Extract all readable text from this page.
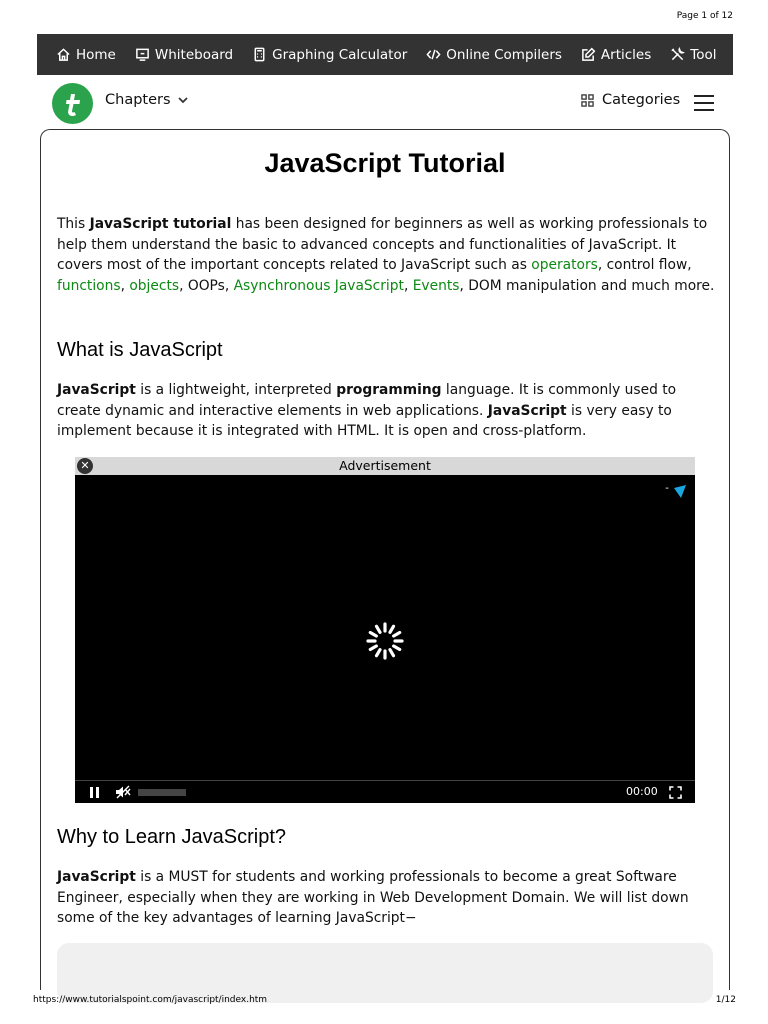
Page 1 of 12
Home	Whiteboard	Graphing Calculator	Online Compilers	Articles	Tool
Chapters	Categories
JavaScript Tutorial
This JavaScript tutorial has been designed for beginners as well as working professionals to help them understand the basic to advanced concepts and functionalities of JavaScript. It covers most of the important concepts related to JavaScript such as operators, control flow, functions, objects, OOPs, Asynchronous JavaScript, Events, DOM manipulation and much more.
What is JavaScript
JavaScript is a lightweight, interpreted programming language. It is commonly used to create dynamic and interactive elements in web applications. JavaScript is very easy to implement because it is integrated with HTML. It is open and cross-platform.
Advertisement
✕
-
00:00
Why to Learn JavaScript?
JavaScript is a MUST for students and working professionals to become a great Software Engineer, especially when they are working in Web Development Domain. We will list down some of the key advantages of learning JavaScript−
https://www.tutorialspoint.com/javascript/index.htm	1/12
